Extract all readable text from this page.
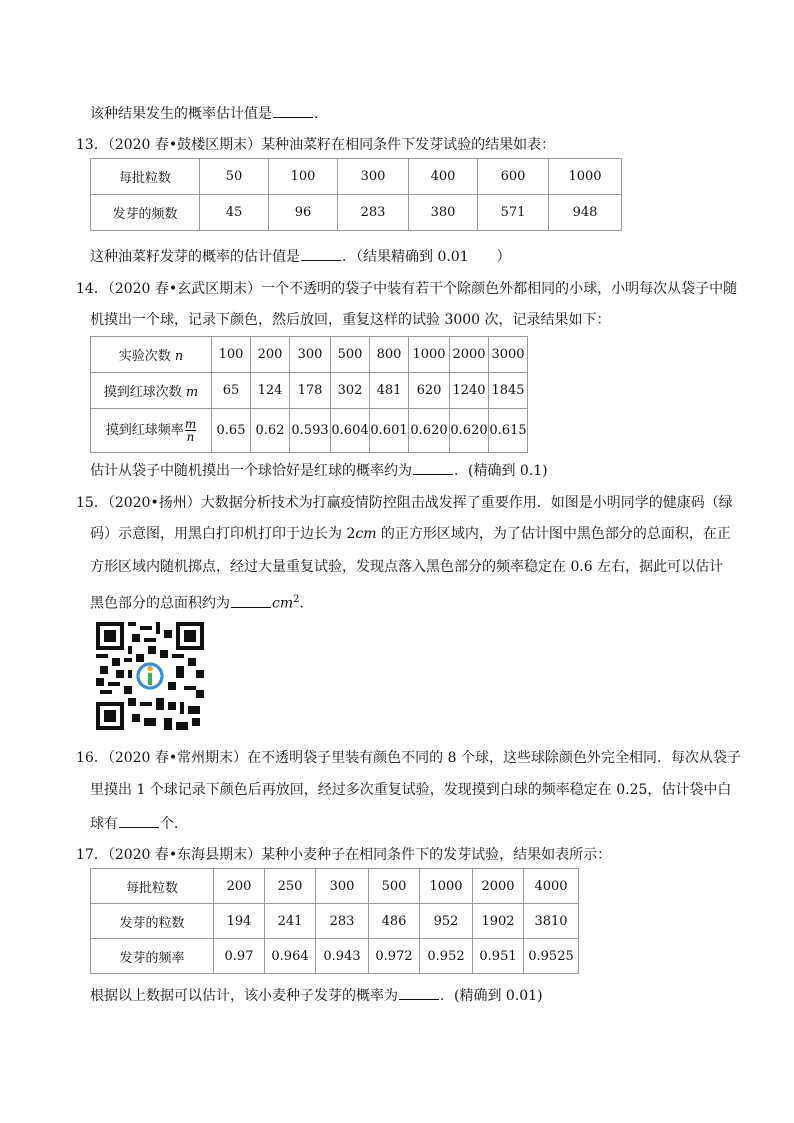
该种结果发生的概率估计值是	．
13．（2020 春•鼓楼区期末）某种油菜籽在相同条件下发芽试验的结果如表：
每批粒数	50	100	300	400	600	1000
发芽的频数	45	96	283	380	571	948
这种油菜籽发芽的概率的估计值是	．（结果精确到 0.01　　）
14．（2020 春•玄武区期末）一个不透明的袋子中装有若干个除颜色外都相同的小球，小明每次从袋子中随
机摸出一个球，记录下颜色，然后放回，重复这样的试验 3000 次，记录结果如下：
实验次数 n	100	200	300	500	800	1000	2000	3000
摸到红球次数 m	65	124	178	302	481	620	1240	1845
摸到红球频率 $\frac{m}{n}$	0.65	0.62	0.593	0.604	0.601	0.620	0.620	0.615
估计从袋子中随机摸出一个球恰好是红球的概率约为	．(精确到 0.1)
15．（2020•扬州）大数据分析技术为打赢疫情防控阻击战发挥了重要作用．如图是小明同学的健康码（绿
码）示意图，用黑白打印机打印于边长为 2cm 的正方形区域内，为了估计图中黑色部分的总面积，在正
方形区域内随机掷点，经过大量重复试验，发现点落入黑色部分的频率稳定在 0.6 左右，据此可以估计
黑色部分的总面积约为	$cm^2$．
16．（2020 春•常州期末）在不透明袋子里装有颜色不同的 8 个球，这些球除颜色外完全相同．每次从袋子
里摸出 1 个球记录下颜色后再放回，经过多次重复试验，发现摸到白球的频率稳定在 0.25，估计袋中白
球有	个．
17．（2020 春•东海县期末）某种小麦种子在相同条件下的发芽试验，结果如表所示：
每批粒数	200	250	300	500	1000	2000	4000
发芽的粒数	194	241	283	486	952	1902	3810
发芽的频率	0.97	0.964	0.943	0.972	0.952	0.951	0.9525
根据以上数据可以估计，该小麦种子发芽的概率为	．(精确到 0.01)
